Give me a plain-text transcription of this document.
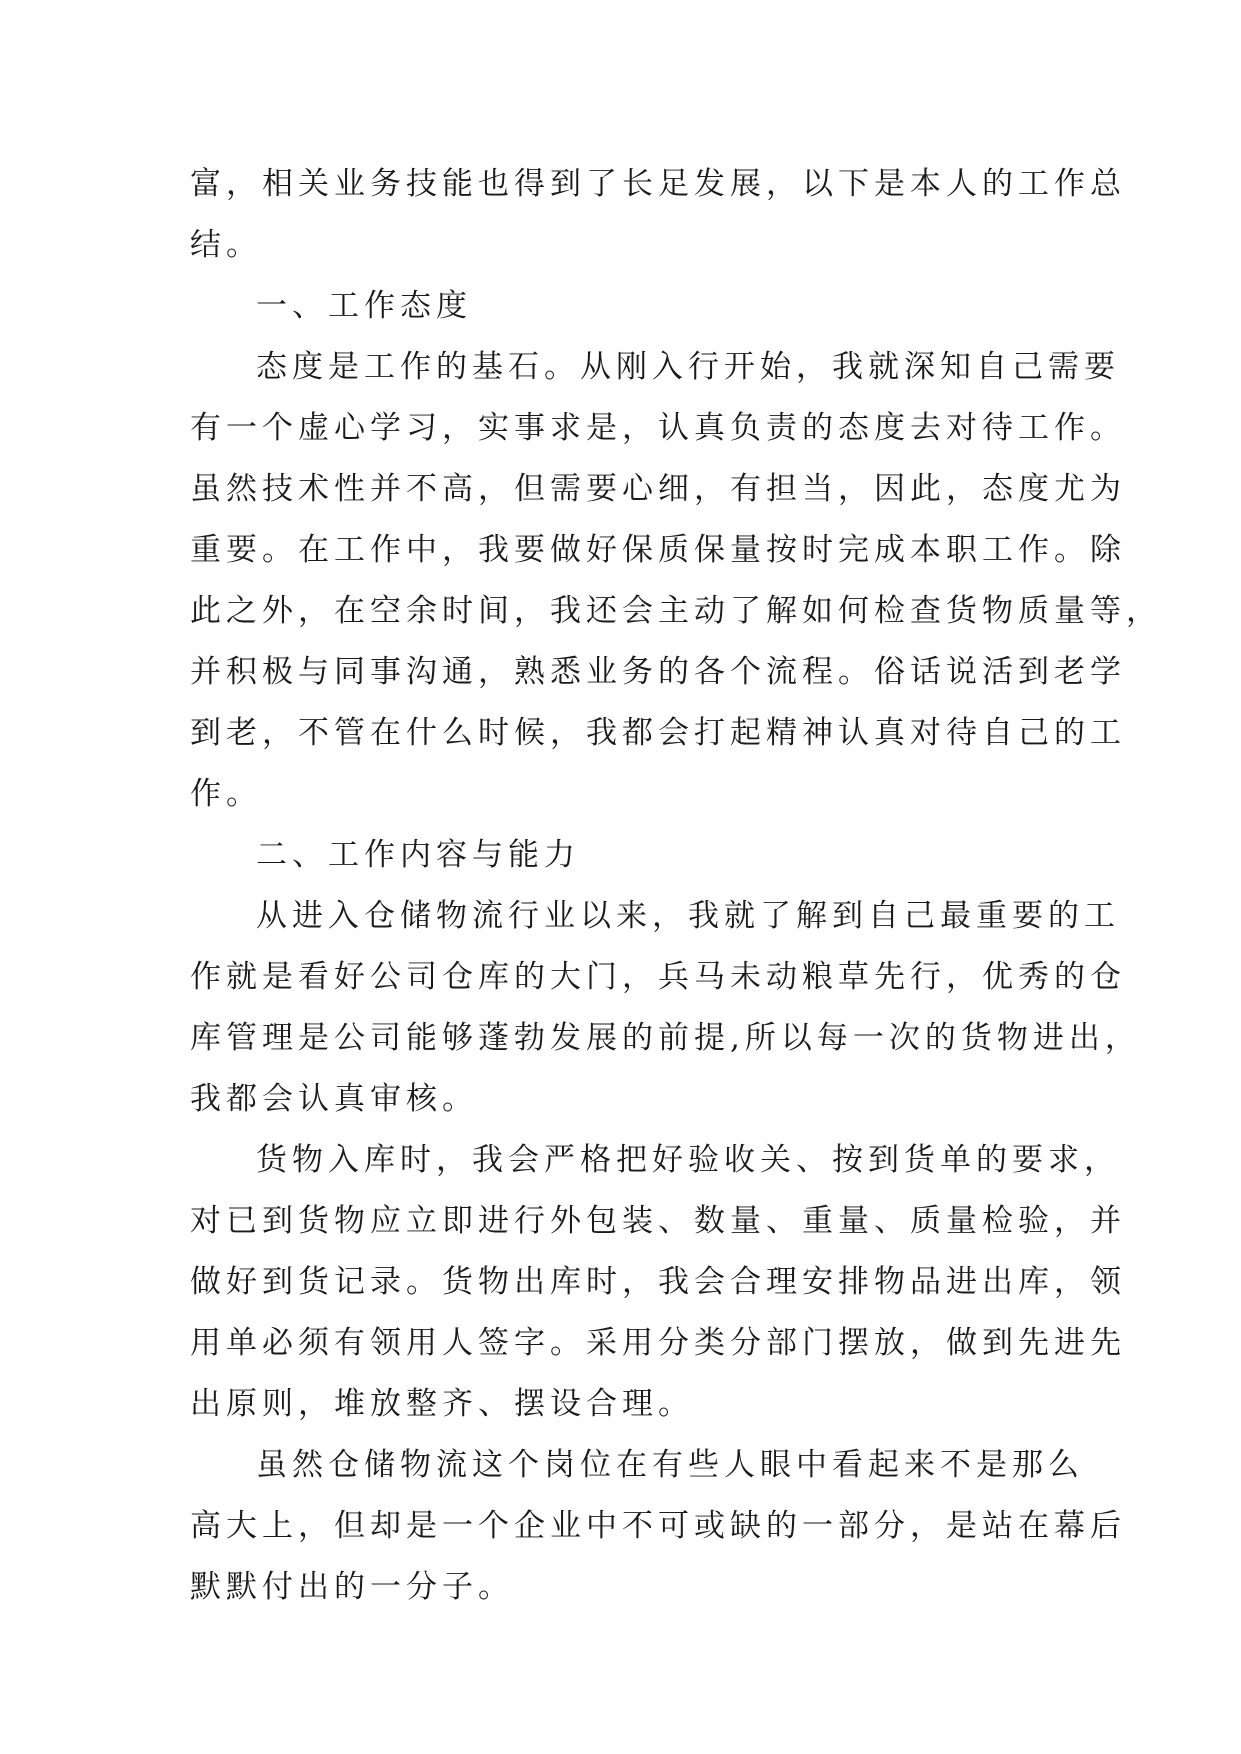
富，相关业务技能也得到了长足发展，以下是本人的工作总
结。
一、工作态度
态度是工作的基石。从刚入行开始，我就深知自己需要
有一个虚心学习，实事求是，认真负责的态度去对待工作。
虽然技术性并不高，但需要心细，有担当，因此，态度尤为
重要。在工作中，我要做好保质保量按时完成本职工作。除
此之外，在空余时间，我还会主动了解如何检查货物质量等，
并积极与同事沟通，熟悉业务的各个流程。俗话说活到老学
到老，不管在什么时候，我都会打起精神认真对待自己的工
作。
二、工作内容与能力
从进入仓储物流行业以来，我就了解到自己最重要的工
作就是看好公司仓库的大门，兵马未动粮草先行，优秀的仓
库管理是公司能够蓬勃发展的前提,所以每一次的货物进出，
我都会认真审核。
货物入库时，我会严格把好验收关、按到货单的要求，
对已到货物应立即进行外包装、数量、重量、质量检验，并
做好到货记录。货物出库时，我会合理安排物品进出库，领
用单必须有领用人签字。采用分类分部门摆放，做到先进先
出原则，堆放整齐、摆设合理。
虽然仓储物流这个岗位在有些人眼中看起来不是那么
高大上，但却是一个企业中不可或缺的一部分，是站在幕后
默默付出的一分子。
